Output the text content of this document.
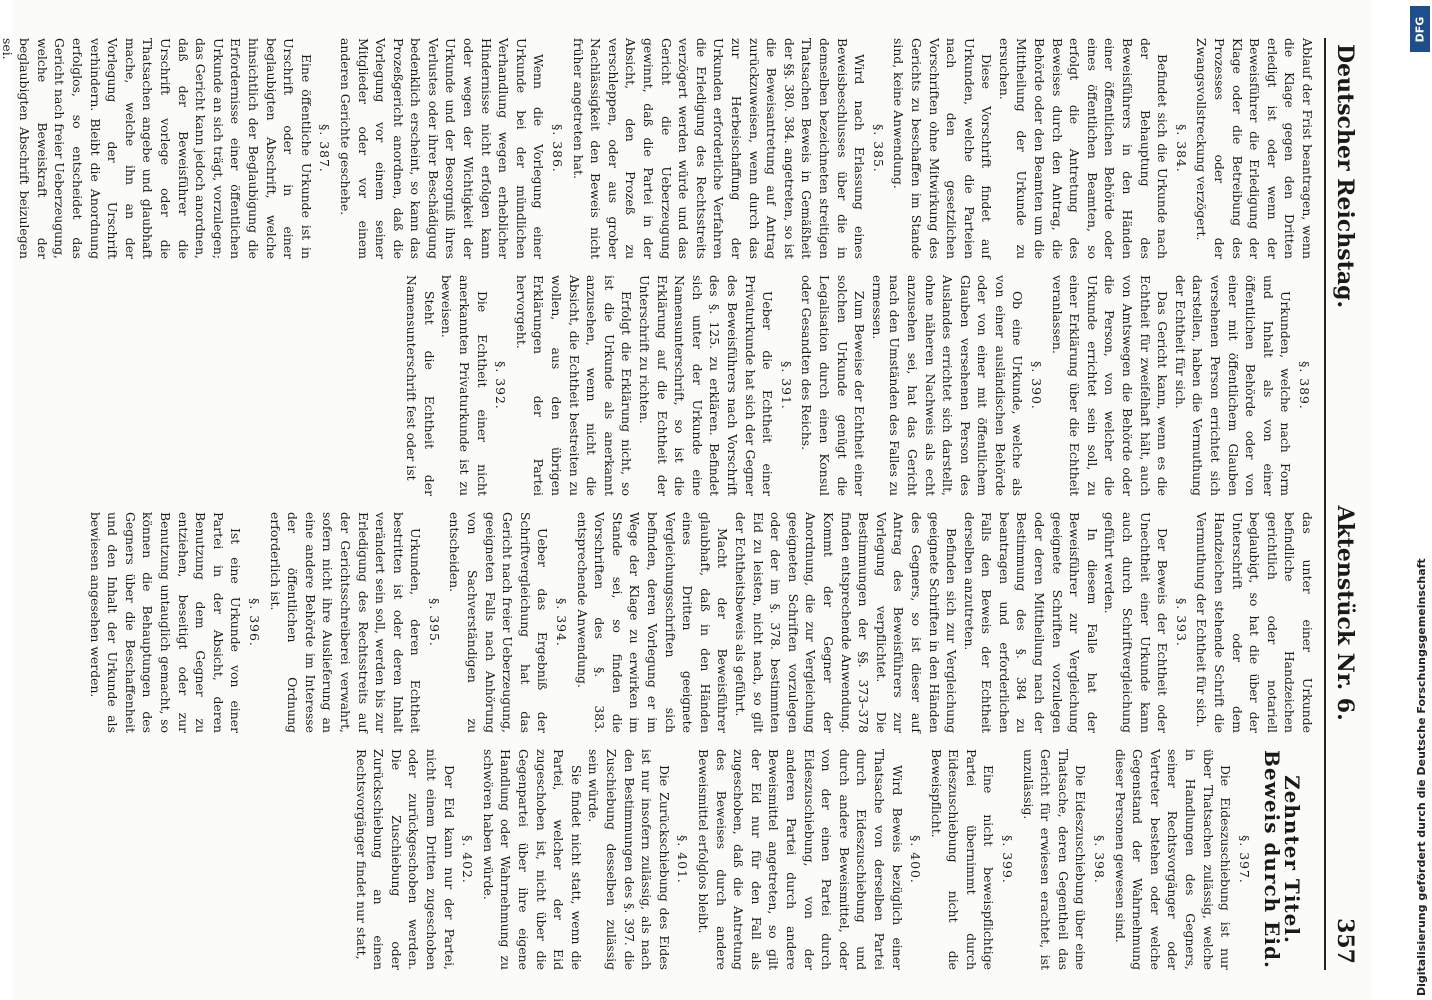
Deutscher Reichstag.
Aktenstück Nr. 6.
357

Ablauf der Frist beantragen, wenn die Klage gegen den Dritten erledigt ist oder wenn der Beweisführer die Erledigung der Klage oder die Betreibung des Prozesses oder der Zwangsvollstreckung verzögert.

§. 384.

Befindet sich die Urkunde nach der Behauptung des Beweisführers in den Händen einer öffentlichen Behörde oder eines öffentlichen Beamten, so erfolgt die Antretung des Beweises durch den Antrag, die Behörde oder den Beamten um die Mittheilung der Urkunde zu ersuchen.

Diese Vorschrift findet auf Urkunden, welche die Parteien nach den gesetzlichen Vorschriften ohne Mitwirkung des Gerichts zu beschaffen im Stande sind, keine Anwendung.

§. 385.

Wird nach Erlassung eines Beweisbeschlusses über die in demselben bezeichneten streitigen Thatsachen Beweis in Gemäßheit der §§. 380. 384. angetreten, so ist die Beweisantretung auf Antrag zurückzuweisen, wenn durch das zur Herbeischaffung der Urkunden erforderliche Verfahren die Erledigung des Rechtsstreits verzögert werden würde und das Gericht die Ueberzeugung gewinnt, daß die Partei in der Absicht, den Prozeß zu verschleppen, oder aus grober Nachlässigkeit den Beweis nicht früher angetreten hat.

§. 386.

Wenn die Vorlegung einer Urkunde bei der mündlichen Verhandlung wegen erheblicher Hindernisse nicht erfolgen kann oder wegen der Wichtigkeit der Urkunde und der Besorgniß ihres Verlustes oder ihrer Beschädigung bedenklich erscheint, so kann das Prozeßgericht anordnen, daß die Vorlegung vor einem seiner Mitglieder oder vor einem anderen Gerichte geschehe.

§. 387.

Eine öffentliche Urkunde ist in Urschrift oder in einer beglaubigten Abschrift, welche hinsichtlich der Beglaubigung die Erfordernisse einer öffentlichen Urkunde an sich trägt, vorzulegen; das Gericht kann jedoch anordnen, daß der Beweisführer die Urschrift vorlege oder die Thatsachen angebe und glaubhaft mache, welche ihn an der Vorlegung der Urschrift verhindern. Bleibt die Anordnung erfolglos, so entscheidet das Gericht nach freier Ueberzeugung, welche Beweiskraft der beglaubigten Abschrift beizulegen sei.

§. 389.

Urkunden, welche nach Form und Inhalt als von einer öffentlichen Behörde oder von einer mit öffentlichem Glauben versehenen Person errichtet sich darstellen, haben die Vermuthung der Echtheit für sich.

Das Gericht kann, wenn es die Echtheit für zweifelhaft hält, auch von Amtswegen die Behörde oder die Person, von welcher die Urkunde errichtet sein soll, zu einer Erklärung über die Echtheit veranlassen.

§. 390.

Ob eine Urkunde, welche als von einer ausländischen Behörde oder von einer mit öffentlichem Glauben versehenen Person des Auslandes errichtet sich darstellt, ohne näheren Nachweis als echt anzusehen sei, hat das Gericht nach den Umständen des Falles zu ermessen.

Zum Beweise der Echtheit einer solchen Urkunde genügt die Legalisation durch einen Konsul oder Gesandten des Reichs.

§. 391.

Ueber die Echtheit einer Privaturkunde hat sich der Gegner des Beweisführers nach Vorschrift des §. 125. zu erklären. Befindet sich unter der Urkunde eine Namensunterschrift, so ist die Erklärung auf die Echtheit der Unterschrift zu richten.

Erfolgt die Erklärung nicht, so ist die Urkunde als anerkannt anzusehen, wenn nicht die Absicht, die Echtheit bestreiten zu wollen, aus den übrigen Erklärungen der Partei hervorgeht.

§. 392.

Die Echtheit einer nicht anerkannten Privaturkunde ist zu beweisen.

Steht die Echtheit der Namensunterschrift fest oder ist

das unter einer Urkunde befindliche Handzeichen gerichtlich oder notariell beglaubigt, so hat die über der Unterschrift oder dem Handzeichen stehende Schrift die Vermuthung der Echtheit für sich.

§. 393.

Der Beweis der Echtheit oder Unechtheit einer Urkunde kann auch durch Schriftvergleichung geführt werden.

In diesem Falle hat der Beweisführer zur Vergleichung geeignete Schriften vorzulegen oder deren Mittheilung nach der Bestimmung des §. 384 zu beantragen und erforderlichen Falls den Beweis der Echtheit derselben anzutreten.

Befinden sich zur Vergleichung geeignete Schriften in den Händen des Gegners, so ist dieser auf Antrag des Beweisführers zur Vorlegung verpflichtet. Die Bestimmungen der §§. 373–378 finden entsprechende Anwendung. Kommt der Gegner der Anordnung, die zur Vergleichung geeigneten Schriften vorzulegen oder der im §. 378. bestimmten Eid zu leisten, nicht nach, so gilt der Echtheitsbeweis als geführt.

Macht der Beweisführer glaubhaft, daß in den Händen eines Dritten geeignete Vergleichungsschriften sich befinden, deren Vorlegung er im Wege der Klage zu erwirken im Stande sei, so finden die Vorschriften des §. 383. entsprechende Anwendung.

§. 394.

Ueber das Ergebniß der Schriftvergleichung hat das Gericht nach freier Ueberzeugung, geeigneten Falls nach Anhörung von Sachverständigen zu entscheiden.

§. 395.

Urkunden, deren Echtheit bestritten ist oder deren Inhalt verändert sein soll, werden bis zur Erledigung des Rechtsstreits auf der Gerichtsschreiberei verwahrt, sofern nicht ihre Auslieferung an eine andere Behörde im Interesse der öffentlichen Ordnung erforderlich ist.

§. 396.

Ist eine Urkunde von einer Partei in der Absicht, deren Benutzung dem Gegner zu entziehen, beseitigt oder zur Benutzung untauglich gemacht, so können die Behauptungen des Gegners über die Beschaffenheit und den Inhalt der Urkunde als bewiesen angesehen werden.

Zehnter Titel.
Beweis durch Eid.
§. 397.

Die Eideszuschiebung ist nur über Thatsachen zulässig, welche in Handlungen des Gegners, seiner Rechtsvorgänger oder Vertreter bestehen oder welche Gegenstand der Wahrnehmung dieser Personen gewesen sind.

§. 398.

Die Eideszuschiebung über eine Thatsache, deren Gegentheil das Gericht für erwiesen erachtet, ist unzulässig.

§. 399.

Eine nicht beweispflichtige Partei übernimmt durch Eideszuschiebung nicht die Beweispflicht.

§. 400.

Wird Beweis bezüglich einer Thatsache von derselben Partei durch Eideszuschiebung und durch andere Beweismittel, oder von der einen Partei durch Eideszuschiebung, von der anderen Partei durch andere Beweismittel angetreten, so gilt der Eid nur für den Fall als zugeschoben, daß die Antretung des Beweises durch andere Beweismittel erfolglos bleibt.

§. 401.

Die Zurückschiebung des Eides ist nur insofern zulässig, als nach den Bestimmungen des §. 397. die Zuschiebung desselben zulässig sein würde.

Sie findet nicht statt, wenn die Partei, welcher der Eid zugeschoben ist, nicht über die Gegenpartei über ihre eigene Handlung oder Wahrnehmung zu schwören haben würde.

§. 402.

Der Eid kann nur der Partei, nicht einem Dritten zugeschoben oder zurückgeschoben werden. Die Zuschiebung oder Zurückschiebung an einen Rechtsvorgänger findet nur statt,

DFG
Digitalisierung gefördert durch die Deutsche Forschungsgemeinschaft
